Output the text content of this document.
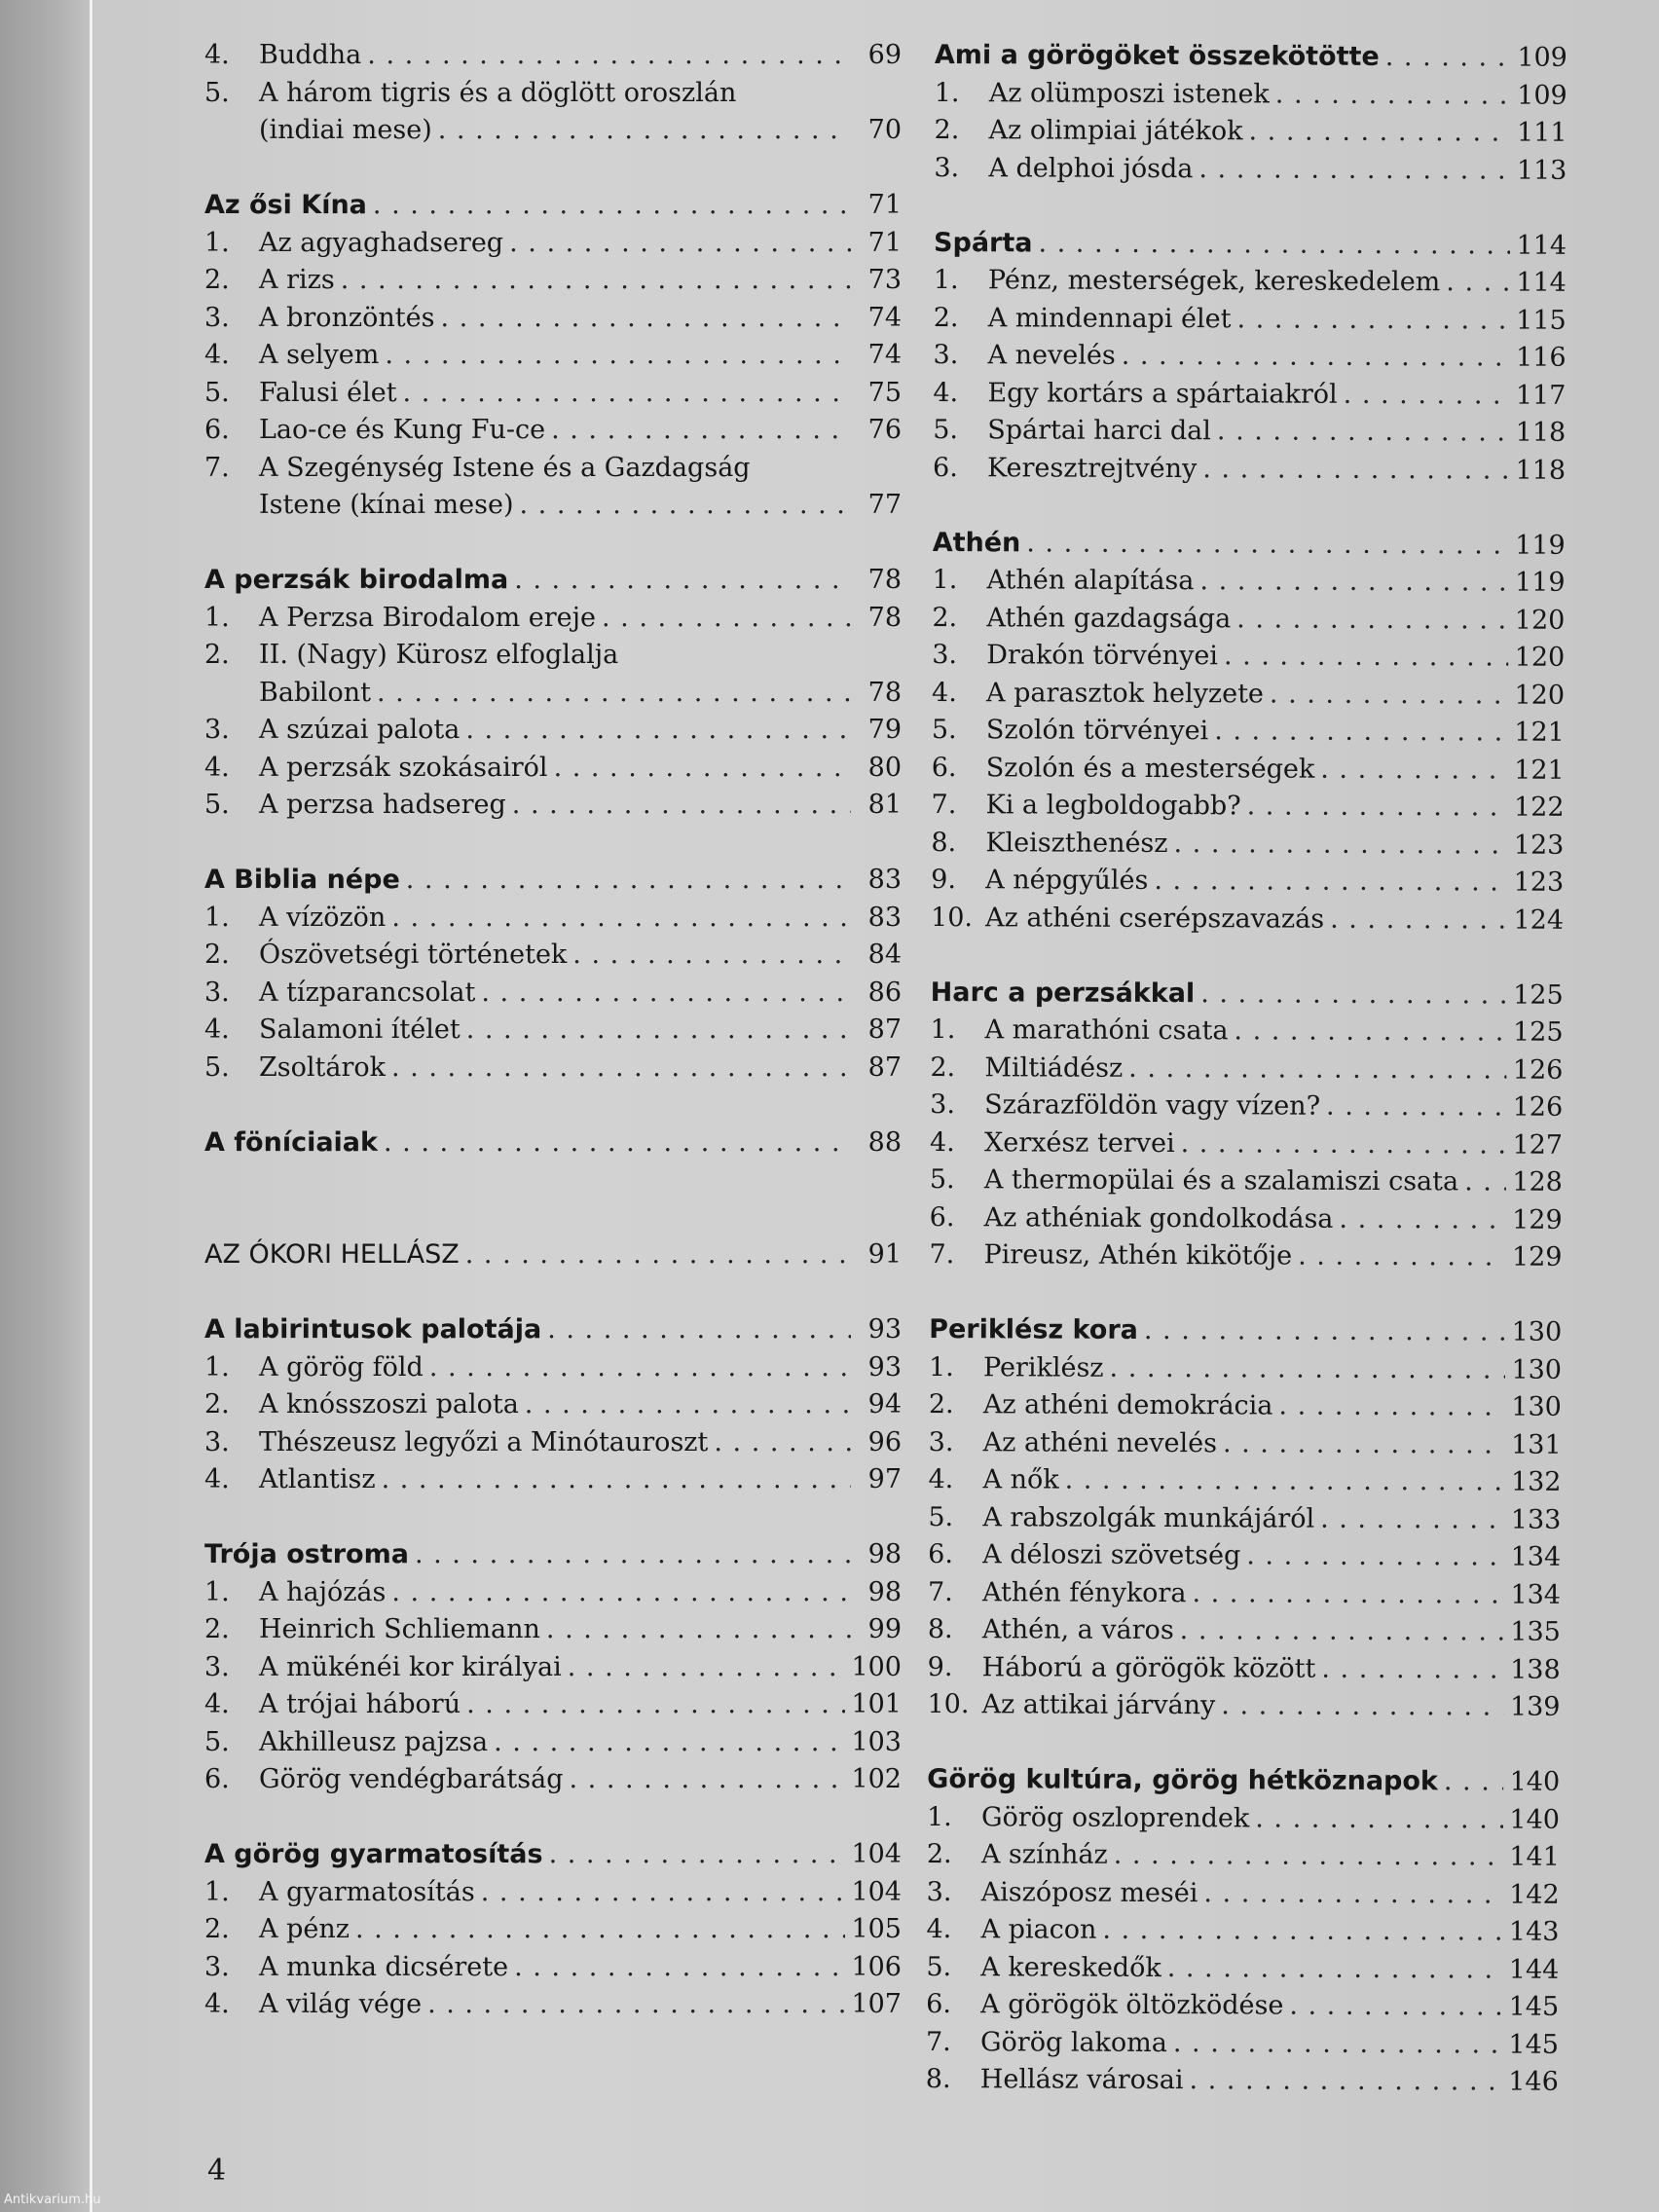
4.	Buddha . . .	69
5.	A három tigris és a döglött oroszlán
(indiai mese) . . .	70
Az ősi Kína . . .	71
1.	Az agyaghadsereg . . .	71
2.	A rizs . . .	73
3.	A bronzöntés . . .	74
4.	A selyem . . .	74
5.	Falusi élet . . .	75
6.	Lao-ce és Kung Fu-ce . . .	76
7.	A Szegénység Istene és a Gazdagság
Istene (kínai mese) . . .	77
A perzsák birodalma . . .	78
1.	A Perzsa Birodalom ereje . . .	78
2.	II. (Nagy) Kürosz elfoglalja
Babilont . . .	78
3.	A szúzai palota . . .	79
4.	A perzsák szokásairól . . .	80
5.	A perzsa hadsereg . . .	81
A Biblia népe . . .	83
1.	A vízözön . . .	83
2.	Ószövetségi történetek . . .	84
3.	A tízparancsolat . . .	86
4.	Salamoni ítélet . . .	87
5.	Zsoltárok . . .	87
A föníciaiak . . .	88
AZ ÓKORI HELLÁSZ . . .	91
A labirintusok palotája . . .	93
1.	A görög föld . . .	93
2.	A knósszoszi palota . . .	94
3.	Thészeusz legyőzi a Minótauroszt . . .	96
4.	Atlantisz . . .	97
Trója ostroma . . .	98
1.	A hajózás . . .	98
2.	Heinrich Schliemann . . .	99
3.	A mükénéi kor királyai . . .	100
4.	A trójai háború . . .	101
5.	Akhilleusz pajzsa . . .	103
6.	Görög vendégbarátság . . .	102
A görög gyarmatosítás . . .	104
1.	A gyarmatosítás . . .	104
2.	A pénz . . .	105
3.	A munka dicsérete . . .	106
4.	A világ vége . . .	107
Ami a görögöket összekötötte . . .	109
1.	Az olümposzi istenek . . .	109
2.	Az olimpiai játékok . . .	111
3.	A delphoi jósda . . .	113
Spárta . . .	114
1.	Pénz, mesterségek, kereskedelem . . .	114
2.	A mindennapi élet . . .	115
3.	A nevelés . . .	116
4.	Egy kortárs a spártaiakról . . .	117
5.	Spártai harci dal . . .	118
6.	Keresztrejtvény . . .	118
Athén . . .	119
1.	Athén alapítása . . .	119
2.	Athén gazdagsága . . .	120
3.	Drakón törvényei . . .	120
4.	A parasztok helyzete . . .	120
5.	Szolón törvényei . . .	121
6.	Szolón és a mesterségek . . .	121
7.	Ki a legboldogabb? . . .	122
8.	Kleiszthenész . . .	123
9.	A népgyűlés . . .	123
10. Az athéni cserépszavazás . . .	124
Harc a perzsákkal . . .	125
1.	A marathóni csata . . .	125
2.	Miltiádész . . .	126
3.	Szárazföldön vagy vízen? . . .	126
4.	Xerxész tervei . . .	127
5.	A thermopülai és a szalamiszi csata . . . 128
6.	Az athéniak gondolkodása . . .	129
7.	Pireusz, Athén kikötője . . .	129
Periklész kora . . .	130
1.	Periklész . . .	130
2.	Az athéni demokrácia . . .	130
3.	Az athéni nevelés . . .	131
4.	A nők . . .	132
5.	A rabszolgák munkájáról . . .	133
6.	A déloszi szövetség . . .	134
7.	Athén fénykora . . .	134
8.	Athén, a város . . .	135
9.	Háború a görögök között . . .	138
10. Az attikai járvány . . .	139
Görög kultúra, görög hétköznapok . . .	140
1.	Görög oszloprendek . . .	140
2.	A színház . . .	141
3.	Aiszóposz meséi . . .	142
4.	A piacon . . .	143
5.	A kereskedők . . .	144
6.	A görögök öltözködése . . .	145
7.	Görög lakoma . . .	145
8.	Hellász városai . . .	146
4
Antikvarium.hu
